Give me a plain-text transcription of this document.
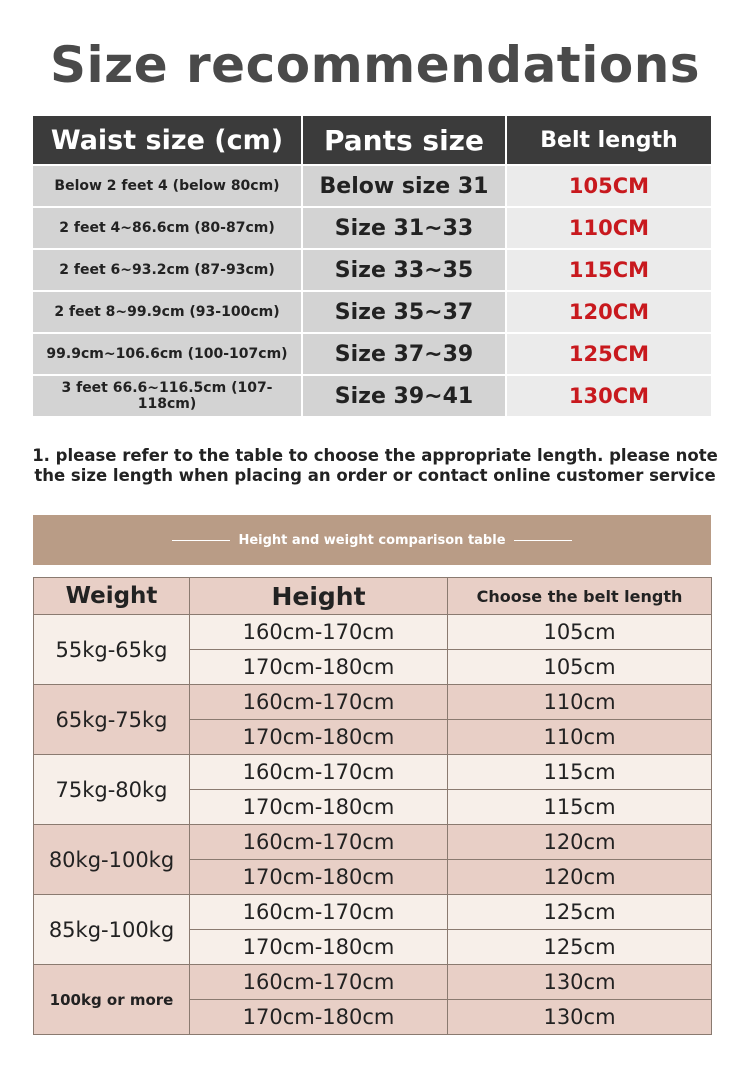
Size recommendations
Waist size (cm)	Pants size	Belt length
Below 2 feet 4 (below 80cm)	Below size 31	105CM
2 feet 4~86.6cm (80-87cm)	Size 31~33	110CM
2 feet 6~93.2cm (87-93cm)	Size 33~35	115CM
2 feet 8~99.9cm (93-100cm)	Size 35~37	120CM
99.9cm~106.6cm (100-107cm)	Size 37~39	125CM
3 feet 66.6~116.5cm (107-118cm)	Size 39~41	130CM
1. please refer to the table to choose the appropriate length. please note the size length when placing an order or contact online customer service
Height and weight comparison table
Weight	Height	Choose the belt length
55kg-65kg	160cm-170cm	105cm
	170cm-180cm	105cm
65kg-75kg	160cm-170cm	110cm
	170cm-180cm	110cm
75kg-80kg	160cm-170cm	115cm
	170cm-180cm	115cm
80kg-100kg	160cm-170cm	120cm
	170cm-180cm	120cm
85kg-100kg	160cm-170cm	125cm
	170cm-180cm	125cm
100kg or more	160cm-170cm	130cm
	170cm-180cm	130cm
